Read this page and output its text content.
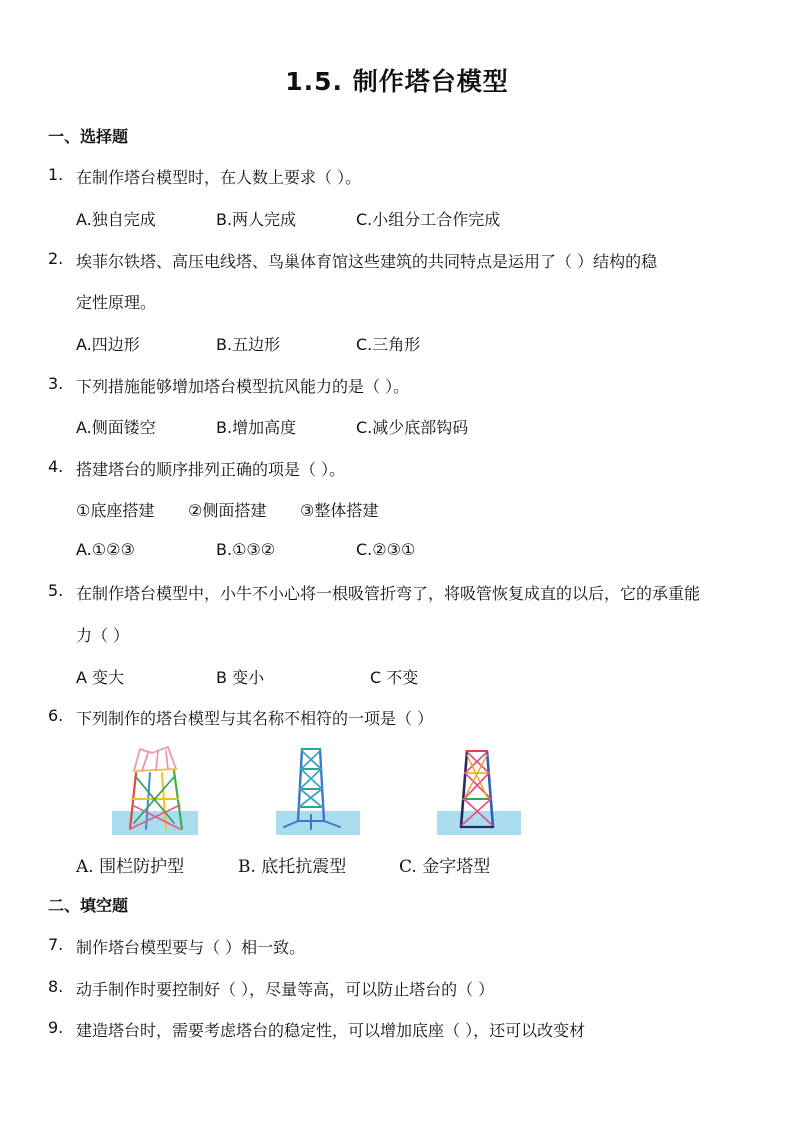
1.5. 制作塔台模型
一、选择题
1. 在制作塔台模型时，在人数上要求（ ）。
A.独自完成	B.两人完成	C.小组分工合作完成
2. 埃菲尔铁塔、高压电线塔、鸟巢体育馆这些建筑的共同特点是运用了（ ）结构的稳
定性原理。
A.四边形	B.五边形	C.三角形
3. 下列措施能够增加塔台模型抗风能力的是（ ）。
A.侧面镂空	B.增加高度	C.减少底部钩码
4. 搭建塔台的顺序排列正确的项是（ ）。
①底座搭建 ②侧面搭建 ③整体搭建
A.①②③	B.①③②	C.②③①
5. 在制作塔台模型中，小牛不小心将一根吸管折弯了，将吸管恢复成直的以后，它的承重能
力（ ）
A 变大	B 变小	C 不变
6. 下列制作的塔台模型与其名称不相符的一项是（ ）
A. 围栏防护型	B. 底托抗震型	C. 金字塔型
二、填空题
7. 制作塔台模型要与（ ）相一致。
8. 动手制作时要控制好（ ），尽量等高，可以防止塔台的（ ）
9. 建造塔台时，需要考虑塔台的稳定性，可以增加底座（ ），还可以改变材
